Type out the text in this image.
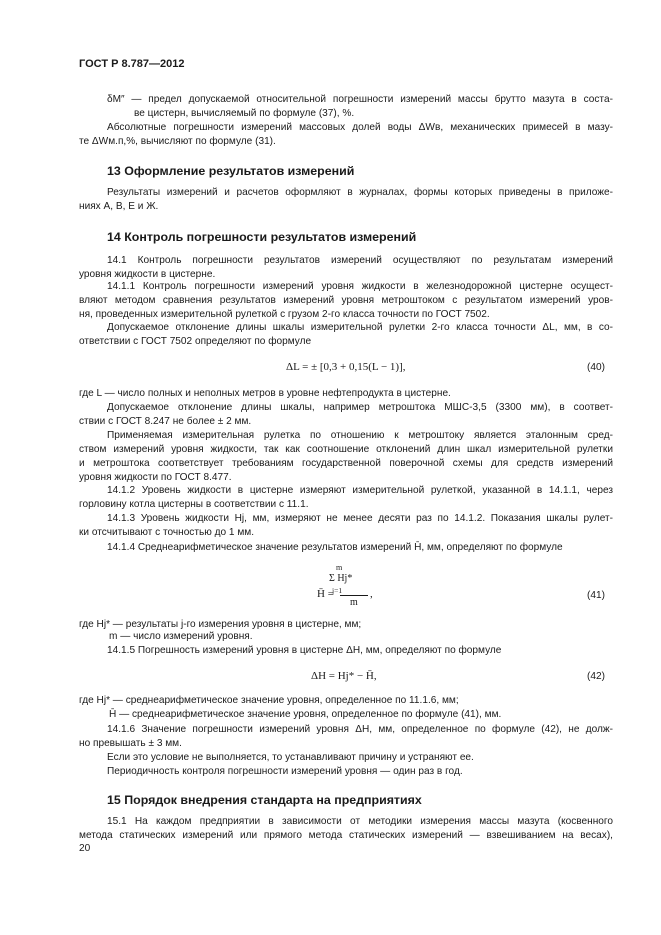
ГОСТ Р 8.787—2012
δM″ — предел допускаемой относительной погрешности измерений массы брутто мазута в состa-
ве цистерн, вычисляемый по формуле (37), %.
Абсолютные погрешности измерений массовых долей воды ΔWв, механических примесей в мазу-
те ΔWм.п,%, вычисляют по формуле (31).
13 Оформление результатов измерений
Результаты измерений и расчетов оформляют в журналах, формы которых приведены в приложе-
ниях А, В, Е и Ж.
14 Контроль погрешности результатов измерений
14.1 Контроль погрешности результатов измерений осуществляют по результатам измерений
уровня жидкости в цистерне.
14.1.1 Контроль погрешности измерений уровня жидкости в железнодорожной цистерне осущест-
вляют методом сравнения результатов измерений уровня метроштоком с результатом измерений уров-
ня, проведенных измерительной рулеткой с грузом 2-го класса точности по ГОСТ 7502.
Допускаемое отклонение длины шкалы измерительной рулетки 2-го класса точности ΔL, мм, в со-
ответствии с ГОСТ 7502 определяют по формуле
ΔL = ± [0,3 + 0,15(L − 1)],	(40)
где L — число полных и неполных метров в уровне нефтепродукта в цистерне.
Допускаемое отклонение длины шкалы, например метроштока МШС-3,5 (3300 мм), в соответ-
ствии с ГОСТ 8.247 не более ± 2 мм.
Применяемая измерительная рулетка по отношению к метроштоку является эталонным сред-
ством измерений уровня жидкости, так как соотношение отклонений длин шкал измерительной рулетки
и метроштока соответствует требованиям государственной поверочной схемы для средств измерений
уровня жидкости по ГОСТ 8.477.
14.1.2 Уровень жидкости в цистерне измеряют измерительной рулеткой, указанной в 14.1.1, через
горловину котла цистерны в соответствии с 11.1.
14.1.3 Уровень жидкости Hj, мм, измеряют не менее десяти раз по 14.1.2. Показания шкалы рулет-
ки отсчитывают с точностью до 1 мм.
14.1.4 Среднеарифметическое значение результатов измерений H̄, мм, определяют по формуле
m
Σ Hj*
j=1
H̄ =	,
m
(41)
где Hj* — результаты j-го измерения уровня в цистерне, мм;
m — число измерений уровня.
14.1.5 Погрешность измерений уровня в цистерне ΔH, мм, определяют по формуле
ΔH = Hj* − H̄,	(42)
где Hj* — среднеарифметическое значение уровня, определенное по 11.1.6, мм;
H̄ — среднеарифметическое значение уровня, определенное по формуле (41), мм.
14.1.6 Значение погрешности измерений уровня ΔH, мм, определенное по формуле (42), не долж-
но превышать ± 3 мм.
Если это условие не выполняется, то устанавливают причину и устраняют ее.
Периодичность контроля погрешности измерений уровня — один раз в год.
15 Порядок внедрения стандарта на предприятиях
15.1 На каждом предприятии в зависимости от методики измерения массы мазута (косвенного
метода статических измерений или прямого метода статических измерений — взвешиванием на весах),
20
